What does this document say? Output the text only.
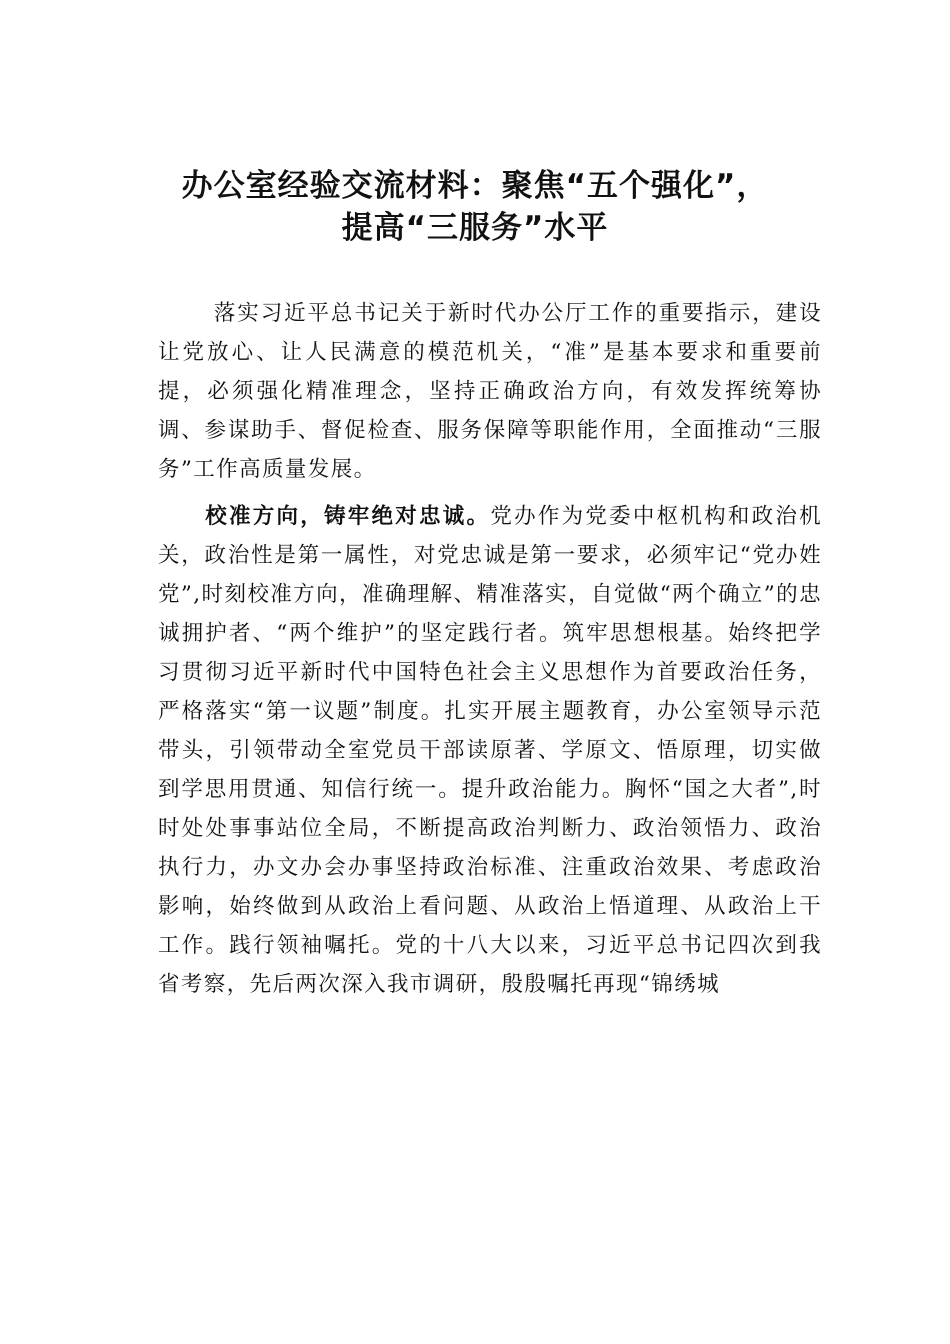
办公室经验交流材料：聚焦“五个强化”，
提高“三服务”水平

落实习近平总书记关于新时代办公厅工作的重要指示，建设让党放心、让人民满意的模范机关，“准”是基本要求和重要前提，必须强化精准理念，坚持正确政治方向，有效发挥统筹协调、参谋助手、督促检查、服务保障等职能作用，全面推动“三服务”工作高质量发展。

校准方向，铸牢绝对忠诚。党办作为党委中枢机构和政治机关，政治性是第一属性，对党忠诚是第一要求，必须牢记“党办姓党”,时刻校准方向，准确理解、精准落实，自觉做“两个确立”的忠诚拥护者、“两个维护”的坚定践行者。筑牢思想根基。始终把学习贯彻习近平新时代中国特色社会主义思想作为首要政治任务，严格落实“第一议题”制度。扎实开展主题教育，办公室领导示范带头，引领带动全室党员干部读原著、学原文、悟原理，切实做到学思用贯通、知信行统一。提升政治能力。胸怀“国之大者”,时时处处事事站位全局，不断提高政治判断力、政治领悟力、政治执行力，办文办会办事坚持政治标准、注重政治效果、考虑政治影响，始终做到从政治上看问题、从政治上悟道理、从政治上干工作。践行领袖嘱托。党的十八大以来，习近平总书记四次到我省考察，先后两次深入我市调研，殷殷嘱托再现“锦绣城
